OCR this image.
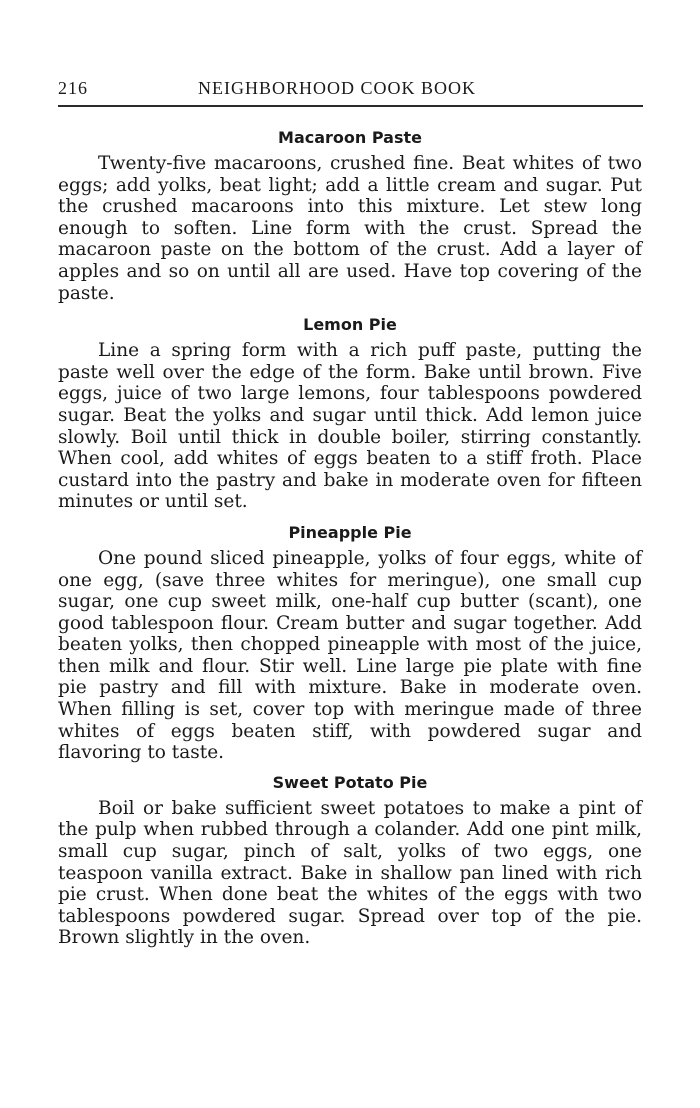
216	NEIGHBORHOOD COOK BOOK
Macaroon Paste

Twenty-five macaroons, crushed fine. Beat whites of two eggs; add yolks, beat light; add a little cream and sugar. Put the crushed macaroons into this mixture. Let stew long enough to soften. Line form with the crust. Spread the macaroon paste on the bottom of the crust. Add a layer of apples and so on until all are used. Have top covering of the paste.

Lemon Pie

Line a spring form with a rich puff paste, putting the paste well over the edge of the form. Bake until brown. Five eggs, juice of two large lemons, four tablespoons powdered sugar. Beat the yolks and sugar until thick. Add lemon juice slowly. Boil until thick in double boiler, stirring constantly. When cool, add whites of eggs beaten to a stiff froth. Place custard into the pastry and bake in moderate oven for fifteen minutes or until set.

Pineapple Pie

One pound sliced pineapple, yolks of four eggs, white of one egg, (save three whites for meringue), one small cup sugar, one cup sweet milk, one-half cup butter (scant), one good tablespoon flour. Cream butter and sugar together. Add beaten yolks, then chopped pineapple with most of the juice, then milk and flour. Stir well. Line large pie plate with fine pie pastry and fill with mixture. Bake in moderate oven. When filling is set, cover top with meringue made of three whites of eggs beaten stiff, with powdered sugar and flavoring to taste.

Sweet Potato Pie

Boil or bake sufficient sweet potatoes to make a pint of the pulp when rubbed through a colander. Add one pint milk, small cup sugar, pinch of salt, yolks of two eggs, one teaspoon vanilla extract. Bake in shallow pan lined with rich pie crust. When done beat the whites of the eggs with two tablespoons powdered sugar. Spread over top of the pie. Brown slightly in the oven.
